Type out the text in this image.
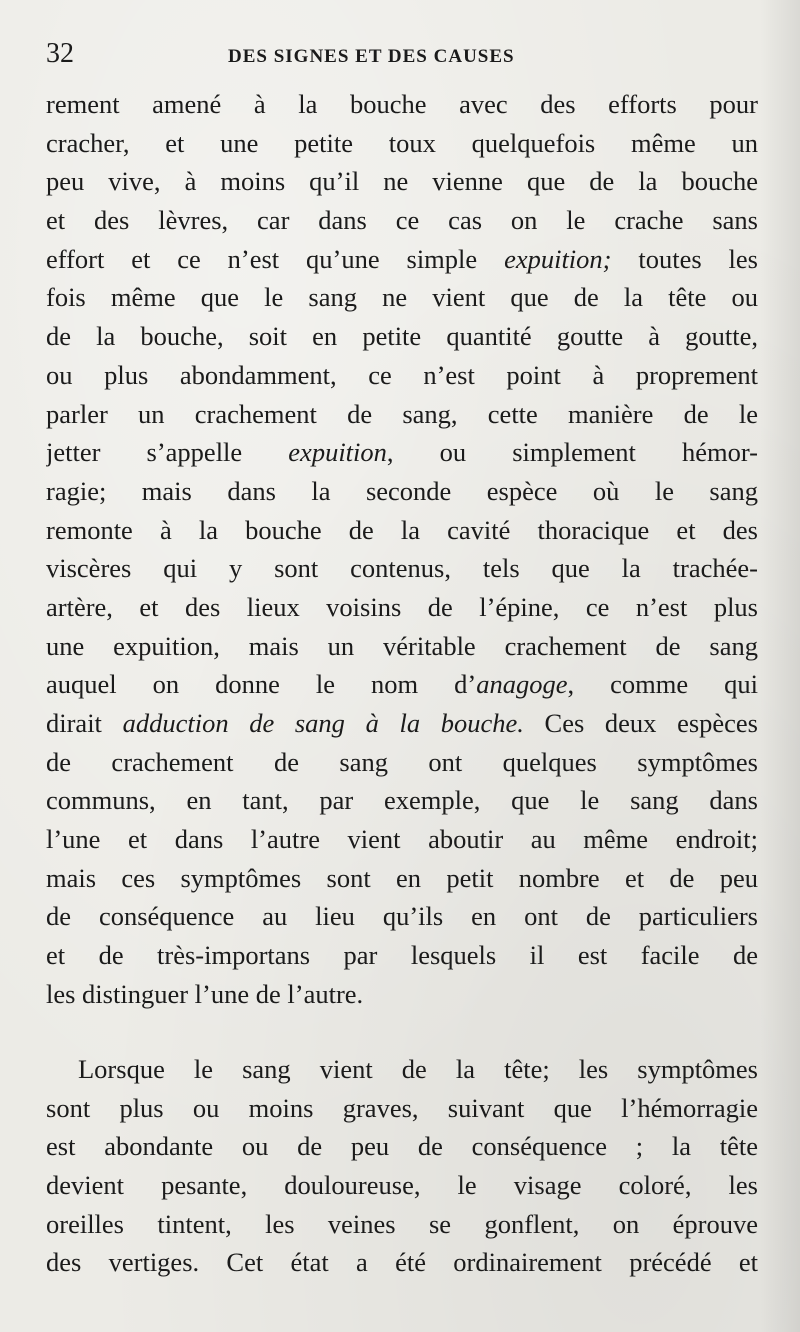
32	DES SIGNES ET DES CAUSES
rement amené à la bouche avec des efforts pour
cracher, et une petite toux quelquefois même un
peu vive, à moins qu’il ne vienne que de la bouche
et des lèvres, car dans ce cas on le crache sans
effort et ce n’est qu’une simple expuition; toutes les
fois même que le sang ne vient que de la tête ou
de la bouche, soit en petite quantité goutte à goutte,
ou plus abondamment, ce n’est point à proprement
parler un crachement de sang, cette manière de le
jetter s’appelle expuition, ou simplement hémor-
ragie; mais dans la seconde espèce où le sang
remonte à la bouche de la cavité thoracique et des
viscères qui y sont contenus, tels que la trachée-
artère, et des lieux voisins de l’épine, ce n’est plus
une expuition, mais un véritable crachement de sang
auquel on donne le nom d’anagoge, comme qui
dirait adduction de sang à la bouche. Ces deux espèces
de crachement de sang ont quelques symptômes
communs, en tant, par exemple, que le sang dans
l’une et dans l’autre vient aboutir au même endroit;
mais ces symptômes sont en petit nombre et de peu
de conséquence au lieu qu’ils en ont de particuliers
et de très-importans par lesquels il est facile de
les distinguer l’une de l’autre.
Lorsque le sang vient de la tête; les symptômes
sont plus ou moins graves, suivant que l’hémorragie
est abondante ou de peu de conséquence ; la tête
devient pesante, douloureuse, le visage coloré, les
oreilles tintent, les veines se gonflent, on éprouve
des vertiges. Cet état a été ordinairement précédé et
